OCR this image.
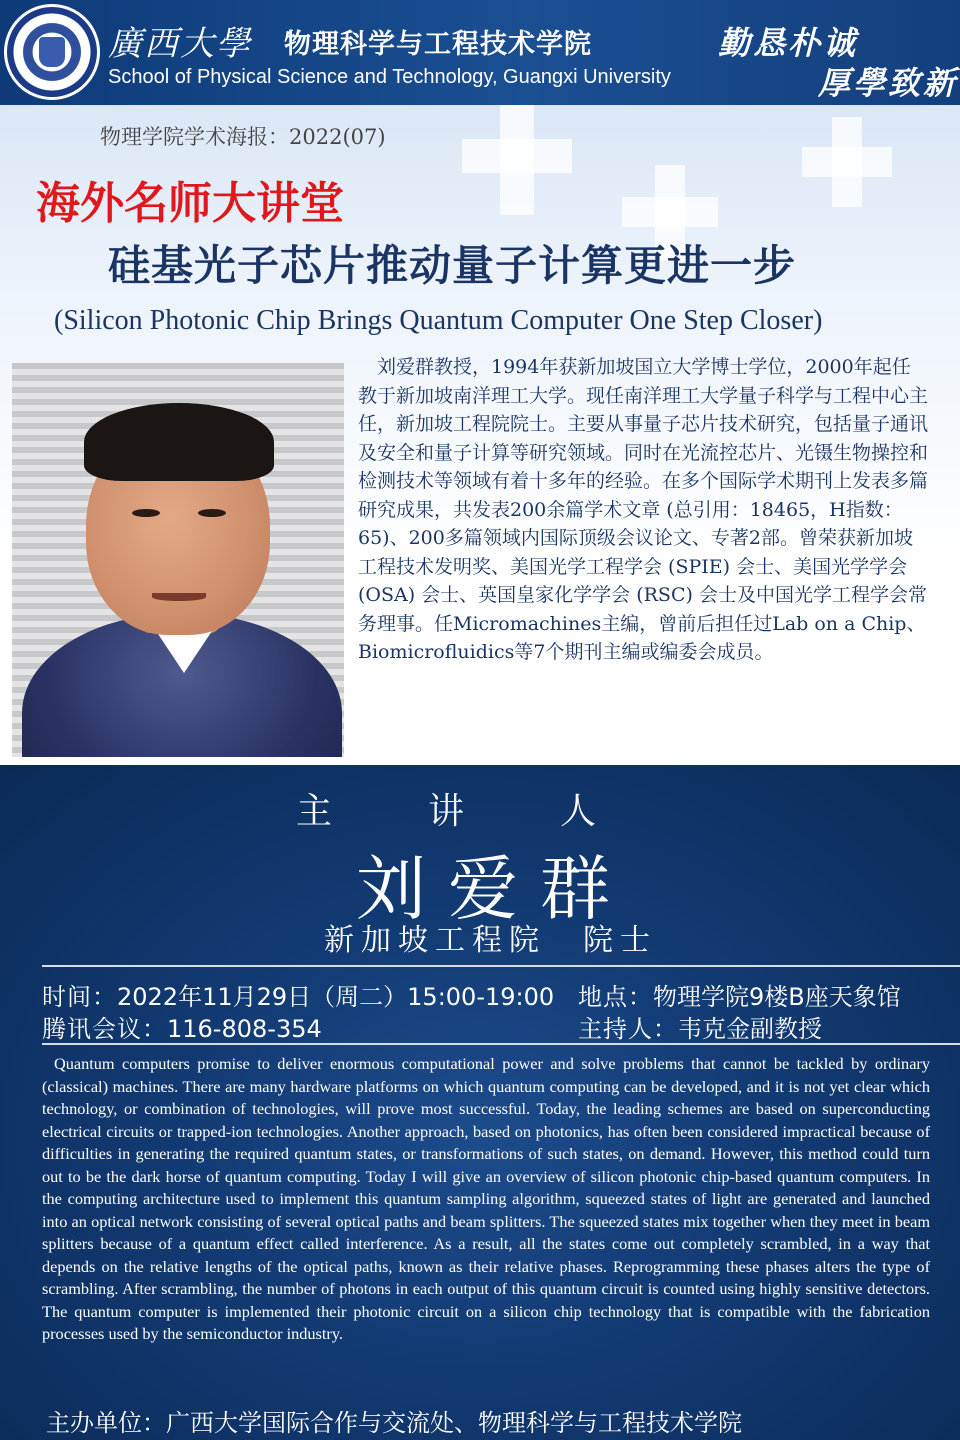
廣西大學 物理科学与工程技术学院
School of Physical Science and Technology, Guangxi University
勤恳朴诚
厚學致新
物理学院学术海报：2022(07)
海外名师大讲堂
硅基光子芯片推动量子计算更进一步
(Silicon Photonic Chip Brings Quantum Computer One Step Closer)

　刘爱群教授，1994年获新加坡国立大学博士学位，2000年起任教于新加坡南洋理工大学。现任南洋理工大学量子科学与工程中心主任，新加坡工程院院士。主要从事量子芯片技术研究，包括量子通讯及安全和量子计算等研究领域。同时在光流控芯片、光镊生物操控和检测技术等领域有着十多年的经验。在多个国际学术期刊上发表多篇研究成果，共发表200余篇学术文章 (总引用：18465，H指数：65)、200多篇领域内国际顶级会议论文、专著2部。曾荣获新加坡工程技术发明奖、美国光学工程学会 (SPIE) 会士、美国光学学会 (OSA) 会士、英国皇家化学学会 (RSC) 会士及中国光学工程学会常务理事。任Micromachines主编，曾前后担任过Lab on a Chip、Biomicrofluidics等7个期刊主编或编委会成员。

主讲人
刘爱群
新加坡工程院　院士
时间：2022年11月29日（周二）15:00-19:00 地点：物理学院9楼B座天象馆
腾讯会议：116-808-354	主持人：韦克金副教授

Quantum computers promise to deliver enormous computational power and solve problems that cannot be tackled by ordinary (classical) machines. There are many hardware platforms on which quantum computing can be developed, and it is not yet clear which technology, or combination of technologies, will prove most successful. Today, the leading schemes are based on superconducting electrical circuits or trapped-ion technologies. Another approach, based on photonics, has often been considered impractical because of difficulties in generating the required quantum states, or transformations of such states, on demand. However, this method could turn out to be the dark horse of quantum computing. Today I will give an overview of silicon photonic chip-based quantum computers. In the computing architecture used to implement this quantum sampling algorithm, squeezed states of light are generated and launched into an optical network consisting of several optical paths and beam splitters. The squeezed states mix together when they meet in beam splitters because of a quantum effect called interference. As a result, all the states come out completely scrambled, in a way that depends on the relative lengths of the optical paths, known as their relative phases. Reprogramming these phases alters the type of scrambling. After scrambling, the number of photons in each output of this quantum circuit is counted using highly sensitive detectors. The quantum computer is implemented their photonic circuit on a silicon chip technology that is compatible with the fabrication processes used by the semiconductor industry.

主办单位：广西大学国际合作与交流处、物理科学与工程技术学院
